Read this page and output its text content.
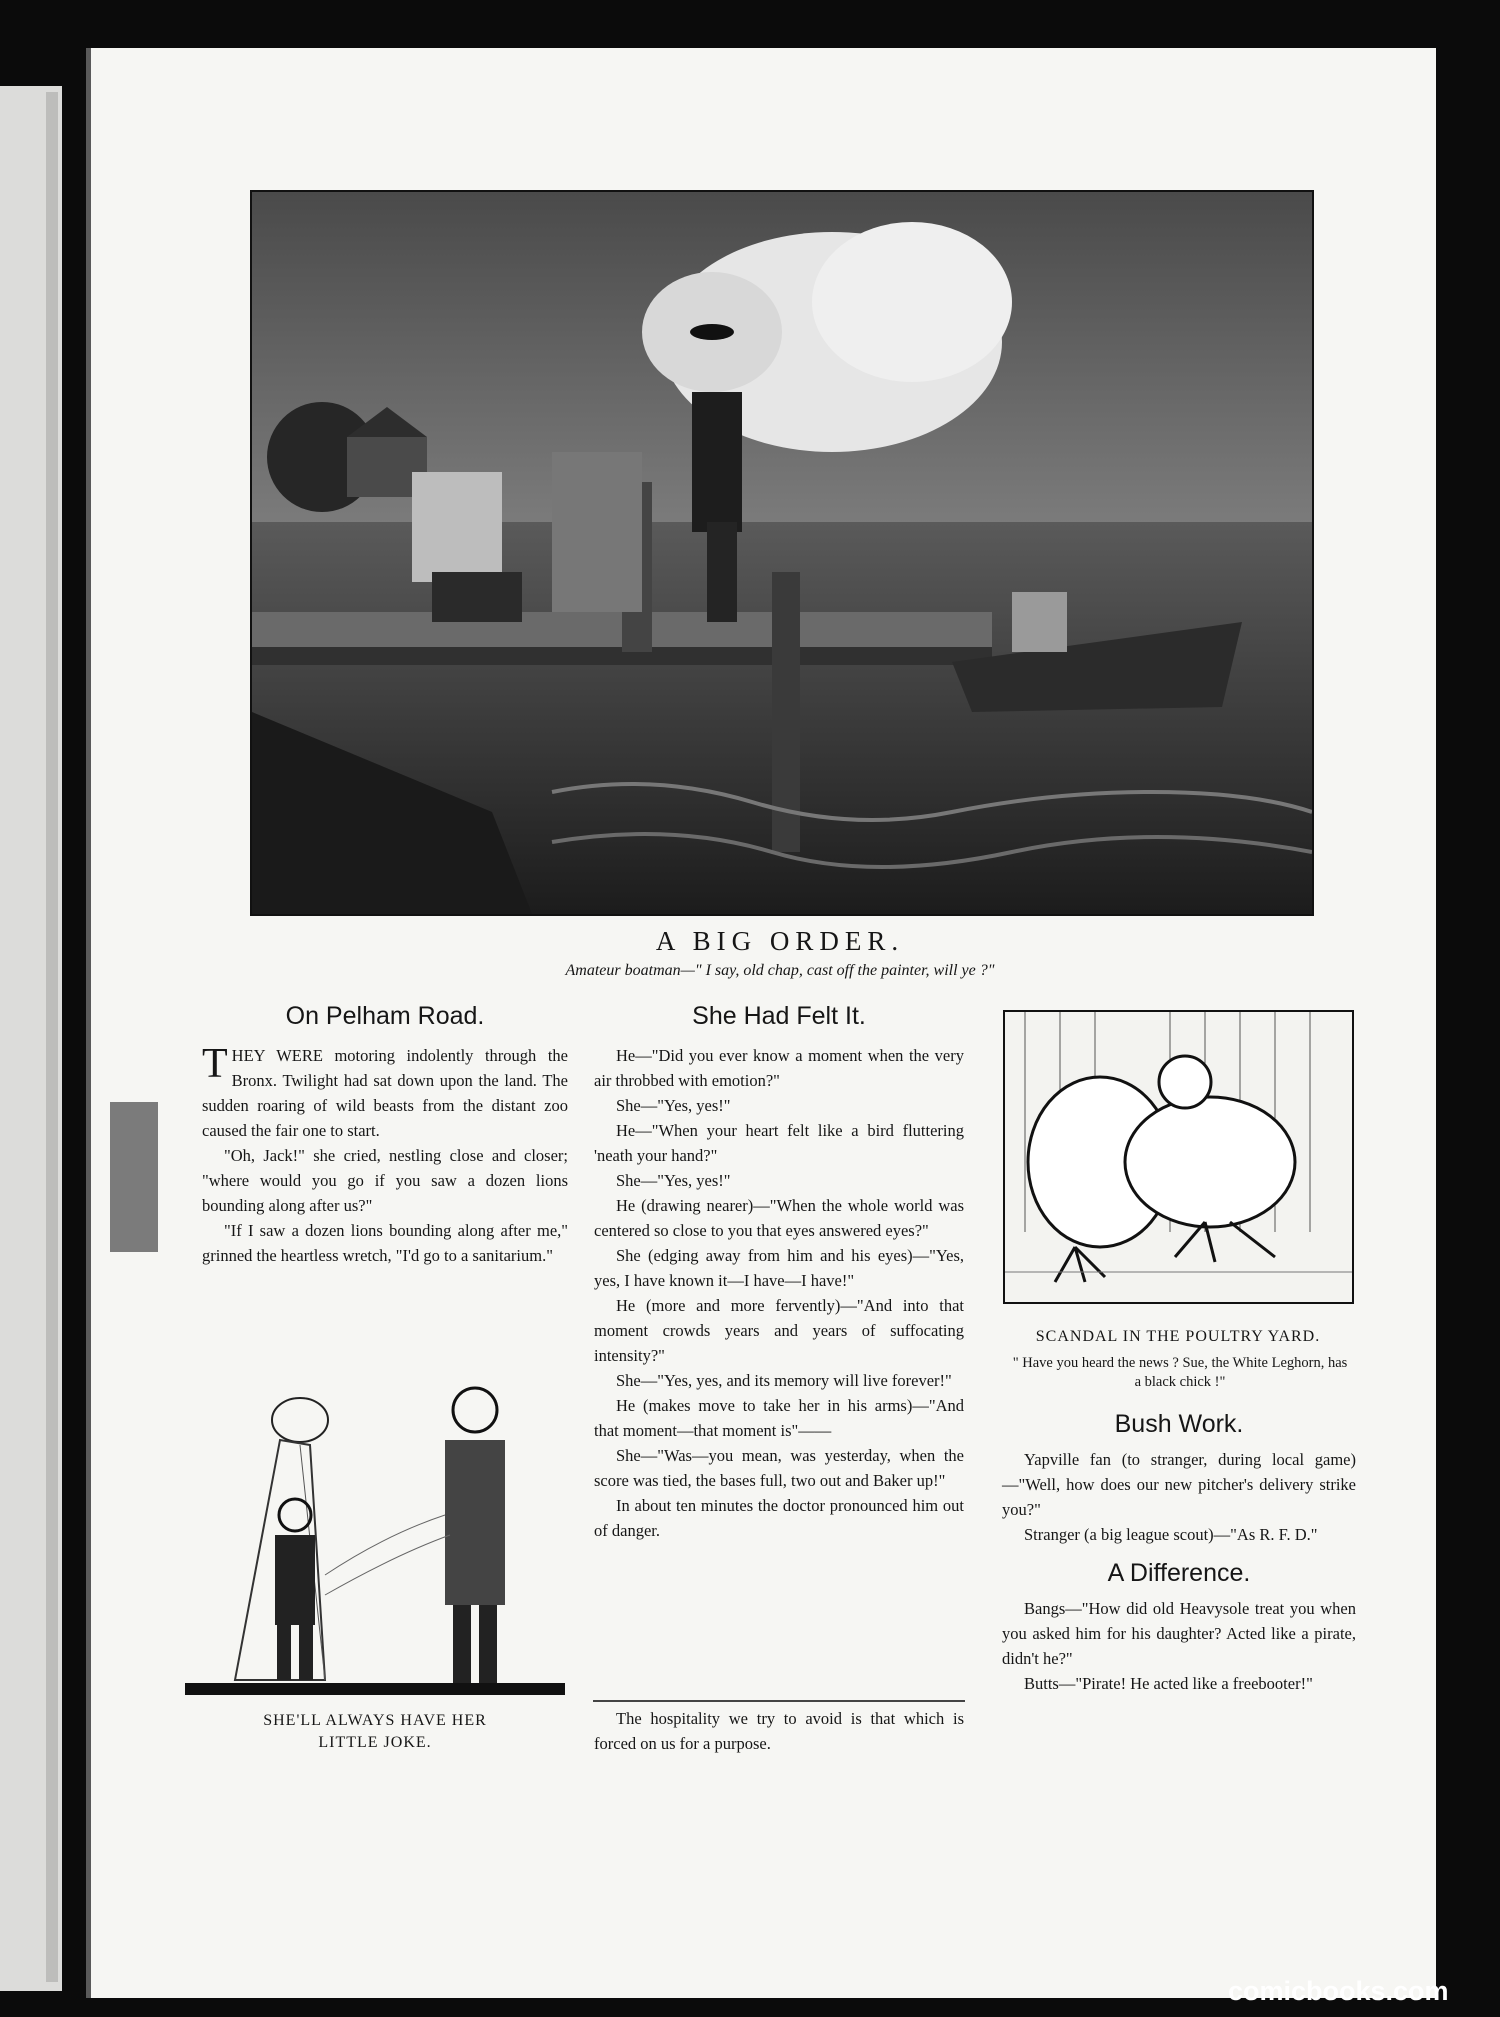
A BIG ORDER.
Amateur boatman—" I say, old chap, cast off the painter, will ye ?"
On Pelham Road.

THEY WERE motoring indolently through the Bronx. Twilight had sat down upon the land. The sudden roaring of wild beasts from the distant zoo caused the fair one to start.

"Oh, Jack!" she cried, nestling close and closer; "where would you go if you saw a dozen lions bounding along after us?"

"If I saw a dozen lions bounding along after me," grinned the heartless wretch, "I'd go to a sanitarium."

SHE'LL ALWAYS HAVE HER
LITTLE JOKE.
She Had Felt It.

He—"Did you ever know a moment when the very air throbbed with emotion?"

She—"Yes, yes!"

He—"When your heart felt like a bird fluttering 'neath your hand?"

She—"Yes, yes!"

He (drawing nearer)—"When the whole world was centered so close to you that eyes answered eyes?"

She (edging away from him and his eyes)—"Yes, yes, I have known it—I have—I have!"

He (more and more fervently)—"And into that moment crowds years and years of suffocating intensity?"

She—"Yes, yes, and its memory will live forever!"

He (makes move to take her in his arms)—"And that moment—that moment is"——

She—"Was—you mean, was yesterday, when the score was tied, the bases full, two out and Baker up!"

In about ten minutes the doctor pronounced him out of danger.

The hospitality we try to avoid is that which is forced on us for a purpose.
SCANDAL IN THE POULTRY YARD.
" Have you heard the news ? Sue, the White Leghorn, has a black chick !"
Bush Work.

Yapville fan (to stranger, during local game)—"Well, how does our new pitcher's delivery strike you?"

Stranger (a big league scout)—"As R. F. D."

A Difference.

Bangs—"How did old Heavysole treat you when you asked him for his daughter? Acted like a pirate, didn't he?"

Butts—"Pirate! He acted like a freebooter!"

comicbooks.com
